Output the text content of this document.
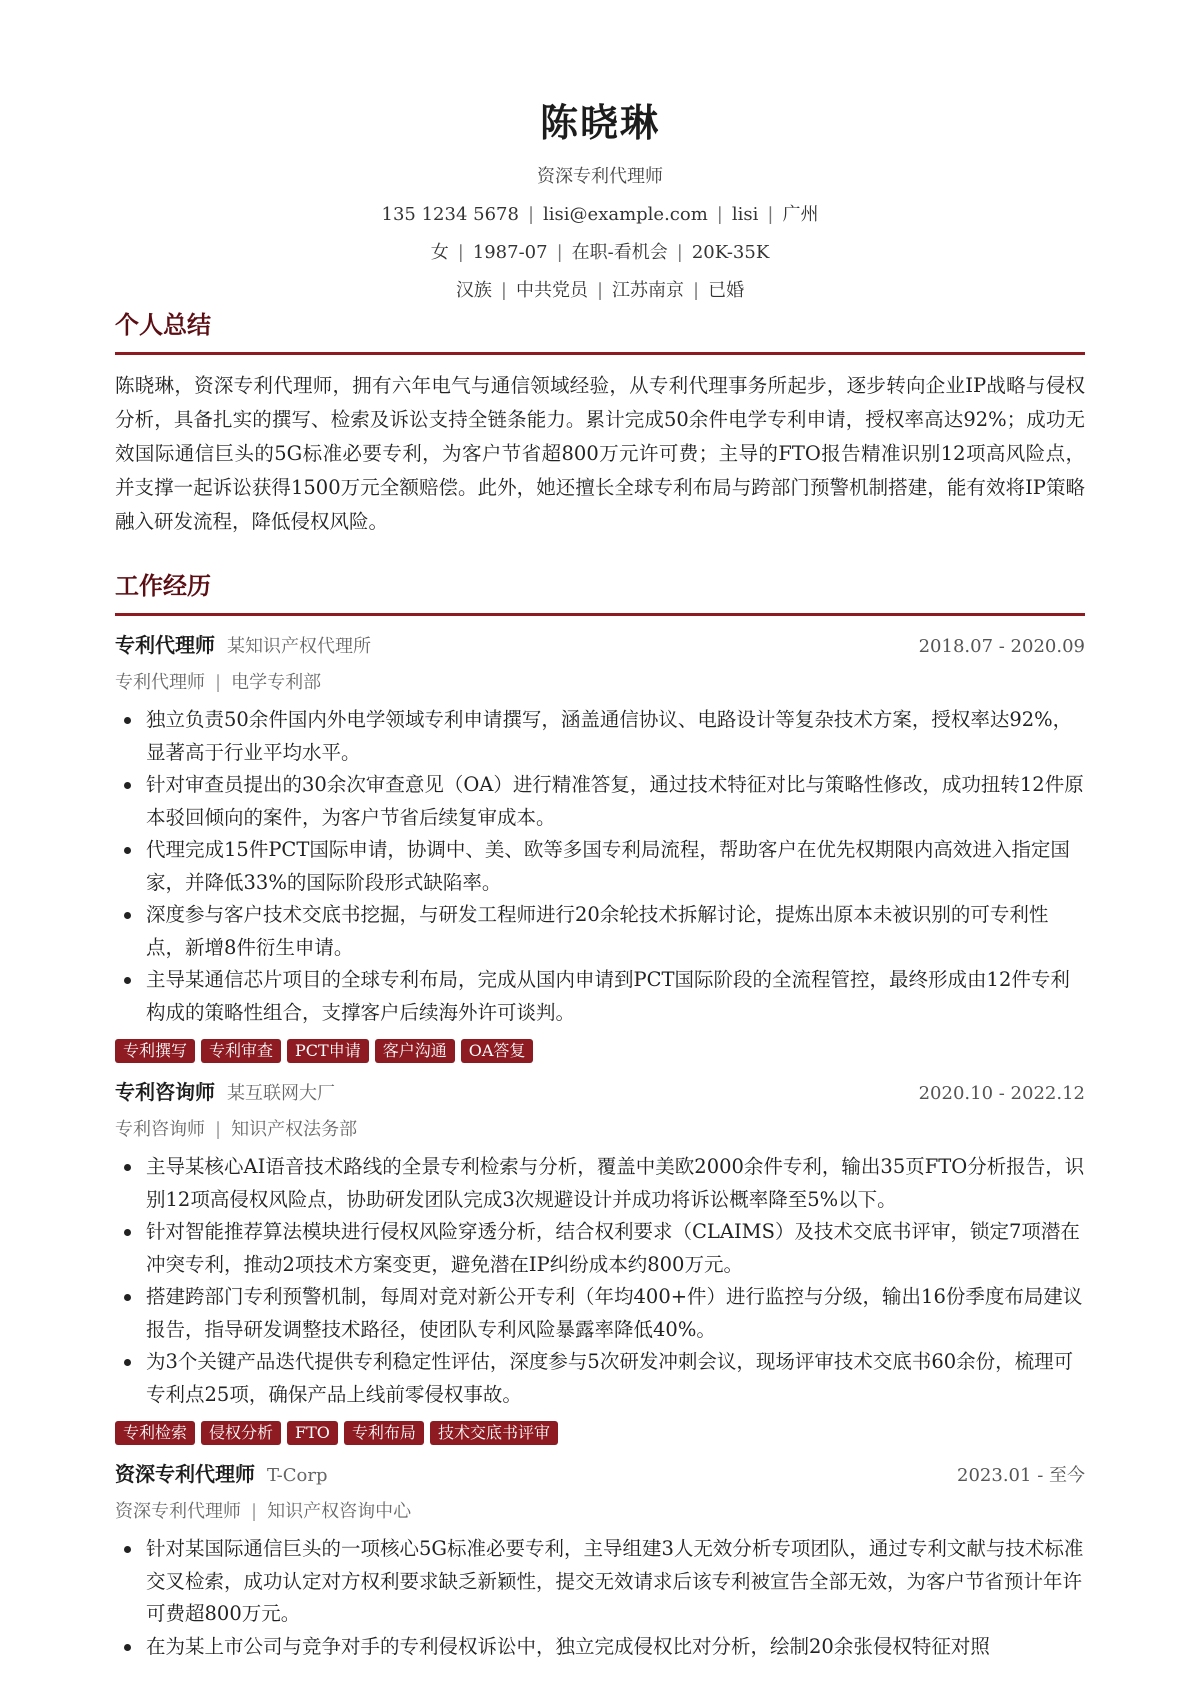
陈晓琳
资深专利代理师
135 1234 5678 | lisi@example.com | lisi | 广州
女 | 1987-07 | 在职-看机会 | 20K-35K
汉族 | 中共党员 | 江苏南京 | 已婚
个人总结

陈晓琳，资深专利代理师，拥有六年电气与通信领域经验，从专利代理事务所起步，逐步转向企业IP战略与侵权分析，具备扎实的撰写、检索及诉讼支持全链条能力。累计完成50余件电学专利申请，授权率高达92%；成功无效国际通信巨头的5G标准必要专利，为客户节省超800万元许可费；主导的FTO报告精准识别12项高风险点，并支撑一起诉讼获得1500万元全额赔偿。此外，她还擅长全球专利布局与跨部门预警机制搭建，能有效将IP策略融入研发流程，降低侵权风险。

工作经历
专利代理师 某知识产权代理所	2018.07 - 2020.09
专利代理师 | 电学专利部
独立负责50余件国内外电学领域专利申请撰写，涵盖通信协议、电路设计等复杂技术方案，授权率达92%，显著高于行业平均水平。
针对审查员提出的30余次审查意见（OA）进行精准答复，通过技术特征对比与策略性修改，成功扭转12件原本驳回倾向的案件，为客户节省后续复审成本。
代理完成15件PCT国际申请，协调中、美、欧等多国专利局流程，帮助客户在优先权期限内高效进入指定国家，并降低33%的国际阶段形式缺陷率。
深度参与客户技术交底书挖掘，与研发工程师进行20余轮技术拆解讨论，提炼出原本未被识别的可专利性点，新增8件衍生申请。
主导某通信芯片项目的全球专利布局，完成从国内申请到PCT国际阶段的全流程管控，最终形成由12件专利构成的策略性组合，支撑客户后续海外许可谈判。
专利撰写	专利审查	PCT申请	客户沟通	OA答复
专利咨询师 某互联网大厂	2020.10 - 2022.12
专利咨询师 | 知识产权法务部
主导某核心AI语音技术路线的全景专利检索与分析，覆盖中美欧2000余件专利，输出35页FTO分析报告，识别12项高侵权风险点，协助研发团队完成3次规避设计并成功将诉讼概率降至5%以下。
针对智能推荐算法模块进行侵权风险穿透分析，结合权利要求（CLAIMS）及技术交底书评审，锁定7项潜在冲突专利，推动2项技术方案变更，避免潜在IP纠纷成本约800万元。
搭建跨部门专利预警机制，每周对竞对新公开专利（年均400+件）进行监控与分级，输出16份季度布局建议报告，指导研发调整技术路径，使团队专利风险暴露率降低40%。
为3个关键产品迭代提供专利稳定性评估，深度参与5次研发冲刺会议，现场评审技术交底书60余份，梳理可专利点25项，确保产品上线前零侵权事故。
专利检索	侵权分析	FTO	专利布局	技术交底书评审
资深专利代理师 T-Corp	2023.01 - 至今
资深专利代理师 | 知识产权咨询中心
针对某国际通信巨头的一项核心5G标准必要专利，主导组建3人无效分析专项团队，通过专利文献与技术标准交叉检索，成功认定对方权利要求缺乏新颖性，提交无效请求后该专利被宣告全部无效，为客户节省预计年许可费超800万元。
在为某上市公司与竞争对手的专利侵权诉讼中，独立完成侵权比对分析，绘制20余张侵权特征对照
